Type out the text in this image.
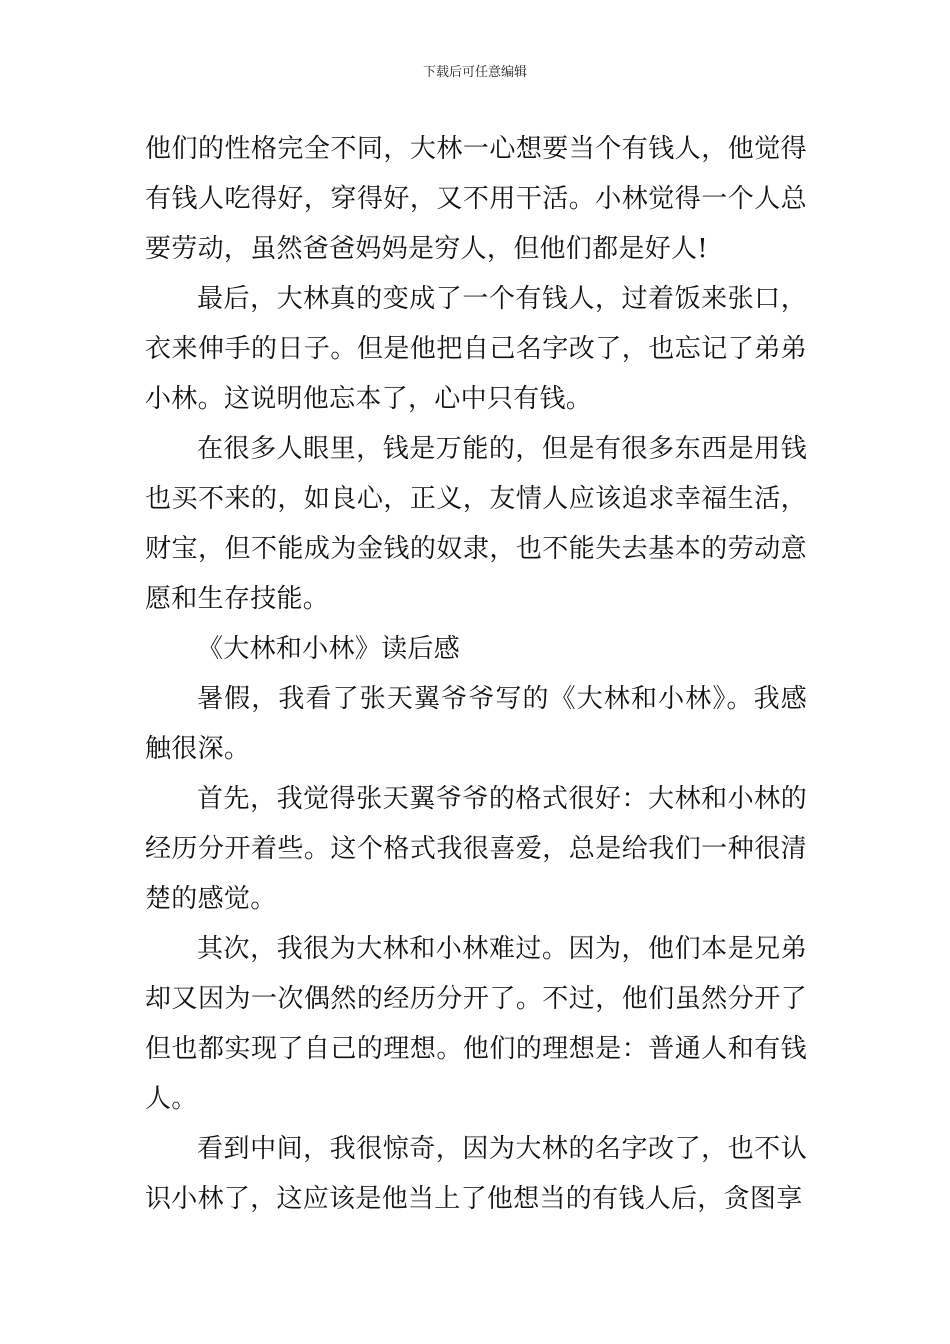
下载后可任意编辑

他们的性格完全不同，大林一心想要当个有钱人，他觉得有钱人吃得好，穿得好，又不用干活。小林觉得一个人总要劳动，虽然爸爸妈妈是穷人，但他们都是好人!

最后，大林真的变成了一个有钱人，过着饭来张口，衣来伸手的日子。但是他把自己名字改了，也忘记了弟弟小林。这说明他忘本了，心中只有钱。

在很多人眼里，钱是万能的，但是有很多东西是用钱也买不来的，如良心，正义，友情人应该追求幸福生活，财宝，但不能成为金钱的奴隶，也不能失去基本的劳动意愿和生存技能。

《大林和小林》读后感

暑假，我看了张天翼爷爷写的《大林和小林》。我感触很深。

首先，我觉得张天翼爷爷的格式很好：大林和小林的经历分开着些。这个格式我很喜爱，总是给我们一种很清楚的感觉。

其次，我很为大林和小林难过。因为，他们本是兄弟却又因为一次偶然的经历分开了。不过，他们虽然分开了但也都实现了自己的理想。他们的理想是：普通人和有钱人。

看到中间，我很惊奇，因为大林的名字改了，也不认识小林了，这应该是他当上了他想当的有钱人后，贪图享
